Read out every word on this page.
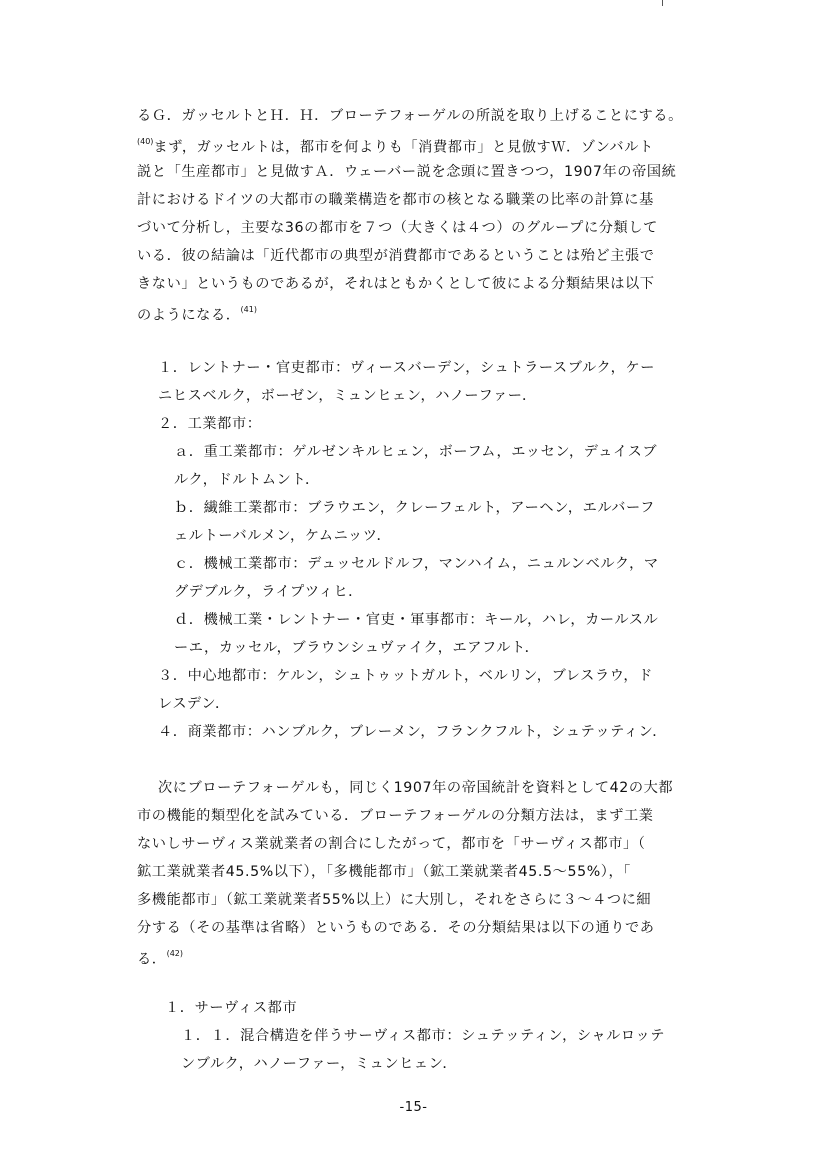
るＧ．ガッセルトとＨ．Ｈ．ブローテフォーゲルの所説を取り上げることにする。
$^{(40)}$まず，ガッセルトは，都市を何よりも「消費都市」と見倣すＷ．ゾンバルト
説と「生産都市」と見做すＡ．ウェーバー説を念頭に置きつつ，1907年の帝国統
計におけるドイツの大都市の職業構造を都市の核となる職業の比率の計算に基
づいて分析し，主要な36の都市を７つ（大きくは４つ）のグループに分類して
いる．彼の結論は「近代都市の典型が消費都市であるということは殆ど主張で
きない」というものであるが，それはともかくとして彼による分類結果は以下
のようになる．$^{(41)}$
１．レントナー・官吏都市：ヴィースバーデン，シュトラースブルク，ケー
ニヒスベルク，ボーゼン，ミュンヒェン，ハノーファー．
２．工業都市：
ａ．重工業都市：ゲルゼンキルヒェン，ボーフム，エッセン，デュイスブ
ルク，ドルトムント．
ｂ．繊維工業都市：ブラウエン，クレーフェルト，アーヘン，エルバーフ
ェルトーバルメン，ケムニッツ．
ｃ．機械工業都市：デュッセルドルフ，マンハイム，ニュルンベルク，マ
グデブルク，ライプツィヒ．
ｄ．機械工業・レントナー・官吏・軍事都市：キール，ハレ，カールスル
ーエ，カッセル，ブラウンシュヴァイク，エアフルト．
３．中心地都市：ケルン，シュトゥットガルト，ベルリン，ブレスラウ，ド
レスデン．
４．商業都市：ハンブルク，ブレーメン，フランクフルト，シュテッティン．
次にブローテフォーゲルも，同じく1907年の帝国統計を資料として42の大都
市の機能的類型化を試みている．ブローテフォーゲルの分類方法は，まず工業
ないしサーヴィス業就業者の割合にしたがって，都市を「サーヴィス都市」（
鉱工業就業者45.5%以下），「多機能都市」（鉱工業就業者45.5～55%），「
多機能都市」（鉱工業就業者55%以上）に大別し，それをさらに３～４つに細
分する（その基準は省略）というものである．その分類結果は以下の通りであ
る．$^{(42)}$
１．サーヴィス都市
１．１．混合構造を伴うサーヴィス都市：シュテッティン，シャルロッテ
ンブルク，ハノーファー，ミュンヒェン．
-15-
